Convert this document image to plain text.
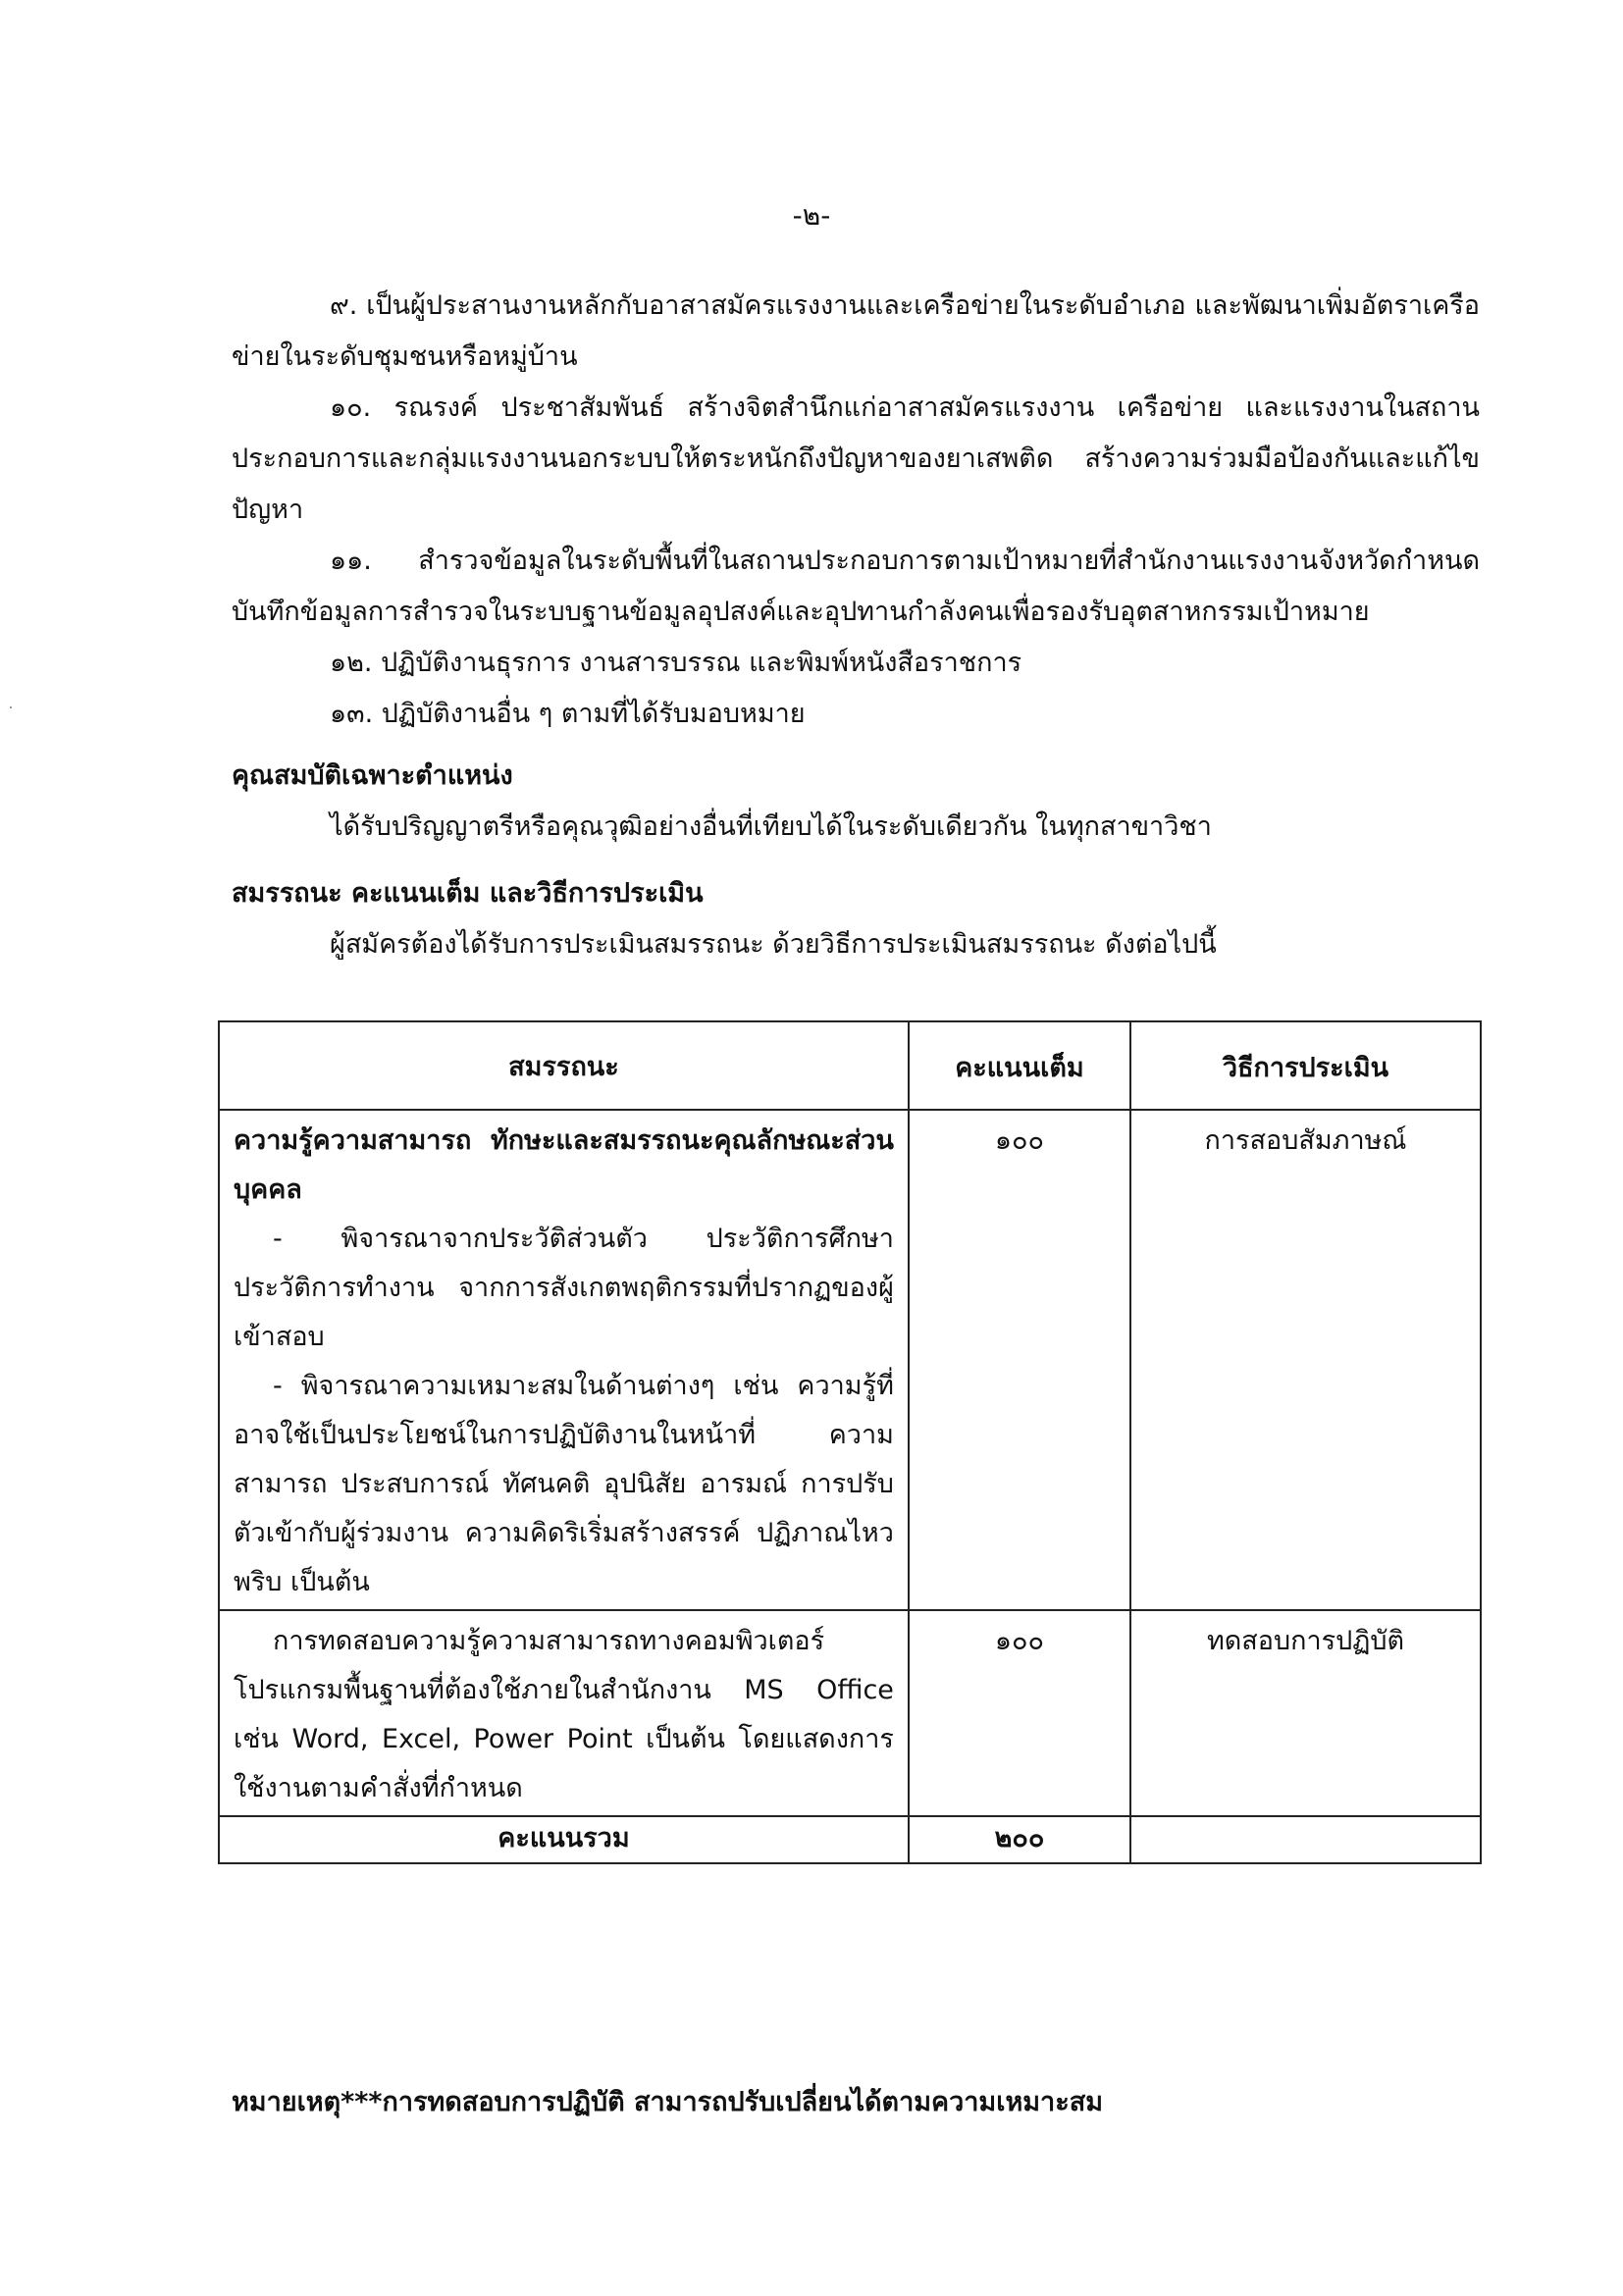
-๒-

๙. เป็นผู้ประสานงานหลักกับอาสาสมัครแรงงานและเครือข่ายในระดับอำเภอ และพัฒนาเพิ่มอัตราเครือข่ายในระดับชุมชนหรือหมู่บ้าน

๑๐. รณรงค์ ประชาสัมพันธ์ สร้างจิตสำนึกแก่อาสาสมัครแรงงาน เครือข่าย และแรงงานในสถานประกอบการและกลุ่มแรงงานนอกระบบให้ตระหนักถึงปัญหาของยาเสพติด สร้างความร่วมมือป้องกันและแก้ไขปัญหา

๑๑. สำรวจข้อมูลในระดับพื้นที่ในสถานประกอบการตามเป้าหมายที่สำนักงานแรงงานจังหวัดกำหนด บันทึกข้อมูลการสำรวจในระบบฐานข้อมูลอุปสงค์และอุปทานกำลังคนเพื่อรองรับอุตสาหกรรมเป้าหมาย

๑๒. ปฏิบัติงานธุรการ งานสารบรรณ และพิมพ์หนังสือราชการ

๑๓. ปฏิบัติงานอื่น ๆ ตามที่ได้รับมอบหมาย

คุณสมบัติเฉพาะตำแหน่ง
ได้รับปริญญาตรีหรือคุณวุฒิอย่างอื่นที่เทียบได้ในระดับเดียวกัน ในทุกสาขาวิชา
สมรรถนะ คะแนนเต็ม และวิธีการประเมิน
ผู้สมัครต้องได้รับการประเมินสมรรถนะ ด้วยวิธีการประเมินสมรรถนะ ดังต่อไปนี้
สมรรถนะ	คะแนนเต็ม	วิธีการประเมิน

ความรู้ความสามารถ ทักษะและสมรรถนะคุณลักษณะส่วนบุคคล
- พิจารณาจากประวัติส่วนตัว ประวัติการศึกษา ประวัติการทำงาน จากการสังเกตพฤติกรรมที่ปรากฏของผู้เข้าสอบ
- พิจารณาความเหมาะสมในด้านต่างๆ เช่น ความรู้ที่อาจใช้เป็นประโยชน์ในการปฏิบัติงานในหน้าที่ ความสามารถ ประสบการณ์ ทัศนคติ อุปนิสัย อารมณ์ การปรับตัวเข้ากับผู้ร่วมงาน ความคิดริเริ่มสร้างสรรค์ ปฏิภาณไหวพริบ เป็นต้น	๑๐๐	การสอบสัมภาษณ์

การทดสอบความรู้ความสามารถทางคอมพิวเตอร์ โปรแกรมพื้นฐานที่ต้องใช้ภายในสำนักงาน MS Office เช่น Word, Excel, Power Point เป็นต้น โดยแสดงการใช้งานตามคำสั่งที่กำหนด	๑๐๐	ทดสอบการปฏิบัติ
คะแนนรวม	๒๐๐	
หมายเหตุ***การทดสอบการปฏิบัติ สามารถปรับเปลี่ยนได้ตามความเหมาะสม
